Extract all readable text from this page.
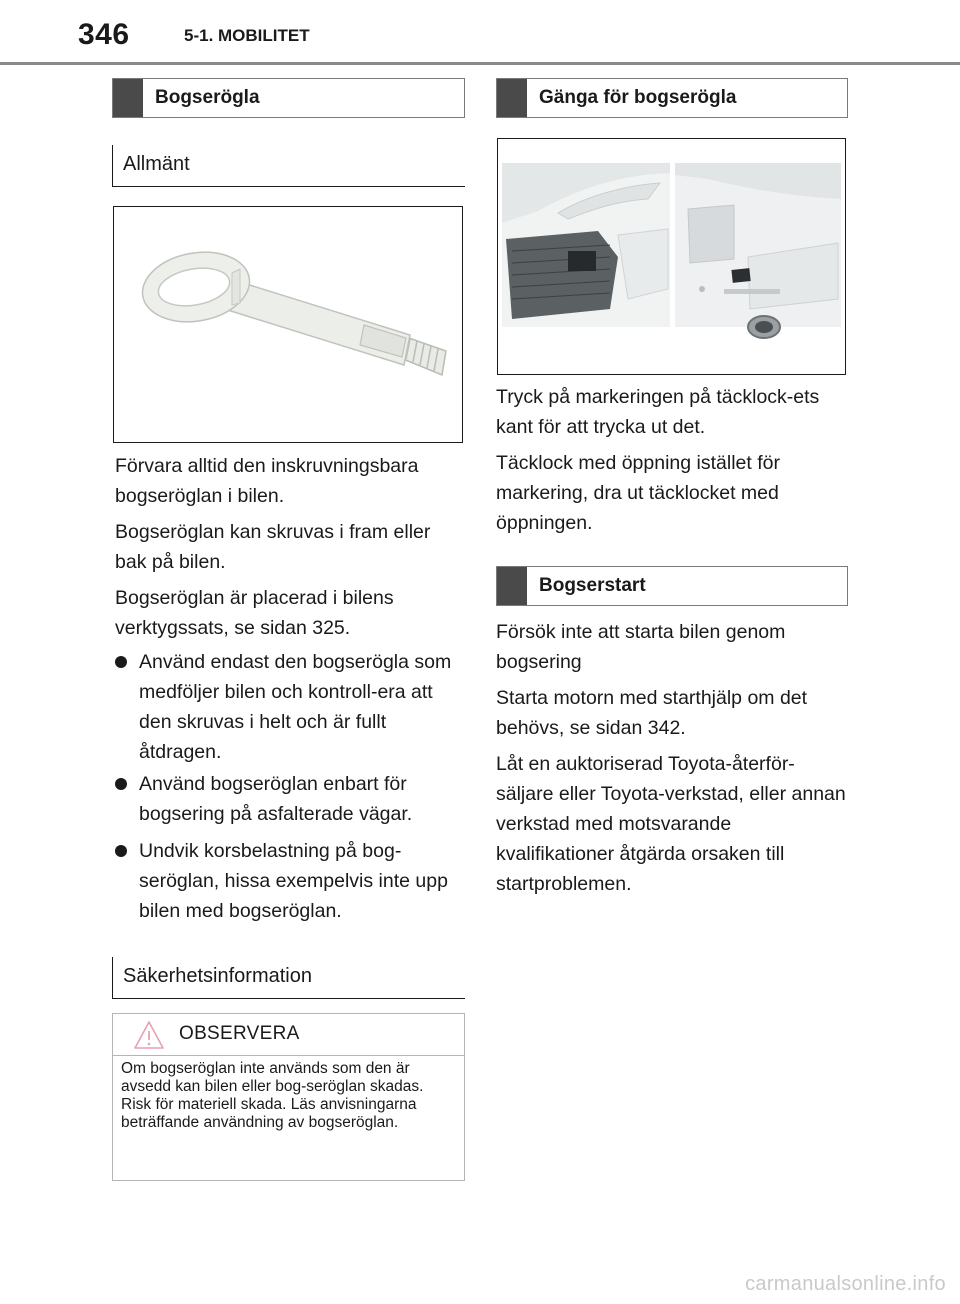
346	5-1. MOBILITET
Bogserögla
Allmänt
Förvara alltid den inskruvningsbara bogseröglan i bilen.
Bogseröglan kan skruvas i fram eller bak på bilen.
Bogseröglan är placerad i bilens verktygssats, se sidan 325.
Använd endast den bogserögla som medföljer bilen och kontroll-era att den skruvas i helt och är fullt åtdragen.
Använd bogseröglan enbart för bogsering på asfalterade vägar.
Undvik korsbelastning på bog-seröglan, hissa exempelvis inte upp bilen med bogseröglan.
Säkerhetsinformation
OBSERVERA
Om bogseröglan inte används som den är avsedd kan bilen eller bog-seröglan skadas. Risk för materiell skada. Läs anvisningarna beträffande användning av bogseröglan.
Gänga för bogserögla
Tryck på markeringen på täcklock-ets kant för att trycka ut det.
Täcklock med öppning istället för markering, dra ut täcklocket med öppningen.
Bogserstart
Försök inte att starta bilen genom bogsering
Starta motorn med starthjälp om det behövs, se sidan 342.
Låt en auktoriserad Toyota-återför-säljare eller Toyota-verkstad, eller annan verkstad med motsvarande kvalifikationer åtgärda orsaken till startproblemen.
carmanualsonline.info
